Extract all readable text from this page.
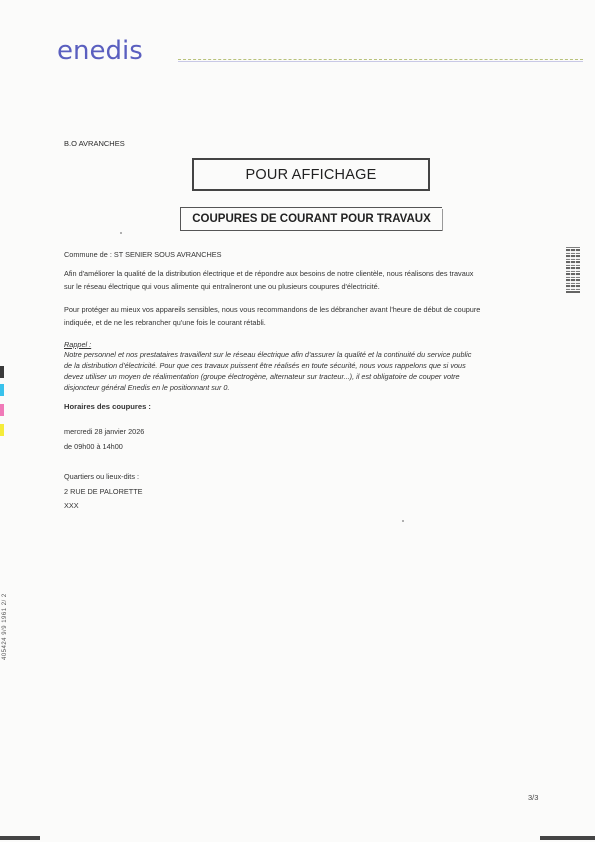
enedis
B.O AVRANCHES
POUR AFFICHAGE
COUPURES DE COURANT POUR TRAVAUX
Commune de : ST SENIER SOUS AVRANCHES
Afin d'améliorer la qualité de la distribution électrique et de répondre aux besoins de notre clientèle, nous réalisons des travaux
sur le réseau électrique qui vous alimente qui entraîneront une ou plusieurs coupures d'électricité.
Pour protéger au mieux vos appareils sensibles, nous vous recommandons de les débrancher avant l'heure de début de coupure
indiquée, et de ne les rebrancher qu'une fois le courant rétabli.
Rappel :
Notre personnel et nos prestataires travaillent sur le réseau électrique afin d'assurer la qualité et la continuité du service public
de la distribution d'électricité. Pour que ces travaux puissent être réalisés en toute sécurité, nous vous rappelons que si vous
devez utiliser un moyen de réalimentation (groupe électrogène, alternateur sur tracteur...), il est obligatoire de couper votre
disjoncteur général Enedis en le positionnant sur 0.
Horaires des coupures :
mercredi 28 janvier 2026
de 09h00 à 14h00
Quartiers ou lieux-dits :
2 RUE DE PALORETTE
XXX
405424 9/9 1961 2/ 2
3/3
